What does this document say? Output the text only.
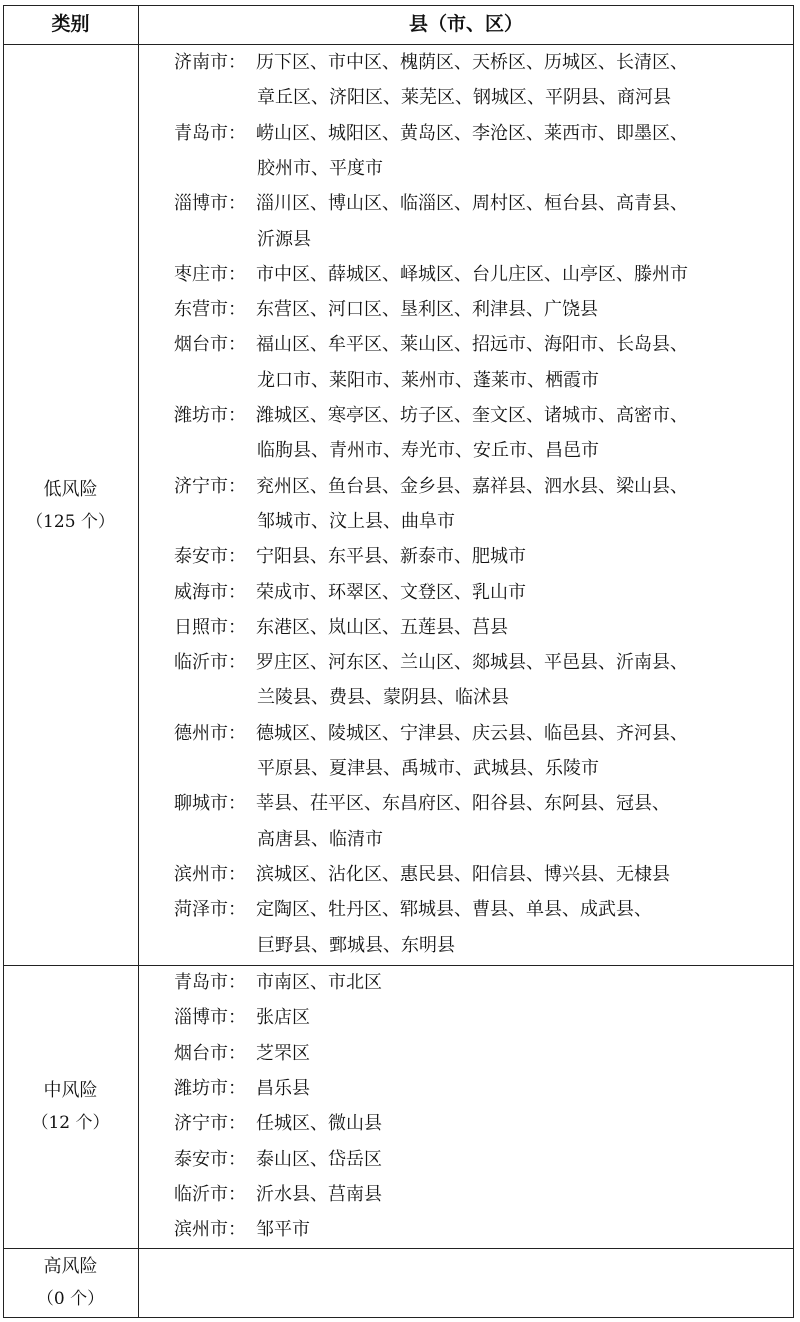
类别	县（市、区）
低风险
（125 个）
中风险
（12 个）
高风险
（0 个）
济南市： 历下区、市中区、槐荫区、天桥区、历城区、长清区、
章丘区、济阳区、莱芜区、钢城区、平阴县、商河县
青岛市： 崂山区、城阳区、黄岛区、李沧区、莱西市、即墨区、
胶州市、平度市
淄博市： 淄川区、博山区、临淄区、周村区、桓台县、高青县、
沂源县
枣庄市： 市中区、薛城区、峄城区、台儿庄区、山亭区、滕州市
东营市： 东营区、河口区、垦利区、利津县、广饶县
烟台市： 福山区、牟平区、莱山区、招远市、海阳市、长岛县、
龙口市、莱阳市、莱州市、蓬莱市、栖霞市
潍坊市： 潍城区、寒亭区、坊子区、奎文区、诸城市、高密市、
临朐县、青州市、寿光市、安丘市、昌邑市
济宁市： 兖州区、鱼台县、金乡县、嘉祥县、泗水县、梁山县、
邹城市、汶上县、曲阜市
泰安市： 宁阳县、东平县、新泰市、肥城市
威海市： 荣成市、环翠区、文登区、乳山市
日照市： 东港区、岚山区、五莲县、莒县
临沂市： 罗庄区、河东区、兰山区、郯城县、平邑县、沂南县、
兰陵县、费县、蒙阴县、临沭县
德州市： 德城区、陵城区、宁津县、庆云县、临邑县、齐河县、
平原县、夏津县、禹城市、武城县、乐陵市
聊城市： 莘县、茌平区、东昌府区、阳谷县、东阿县、冠县、
高唐县、临清市
滨州市： 滨城区、沾化区、惠民县、阳信县、博兴县、无棣县
菏泽市： 定陶区、牡丹区、郓城县、曹县、单县、成武县、
巨野县、鄄城县、东明县
青岛市： 市南区、市北区
淄博市： 张店区
烟台市： 芝罘区
潍坊市： 昌乐县
济宁市： 任城区、微山县
泰安市： 泰山区、岱岳区
临沂市： 沂水县、莒南县
滨州市： 邹平市
